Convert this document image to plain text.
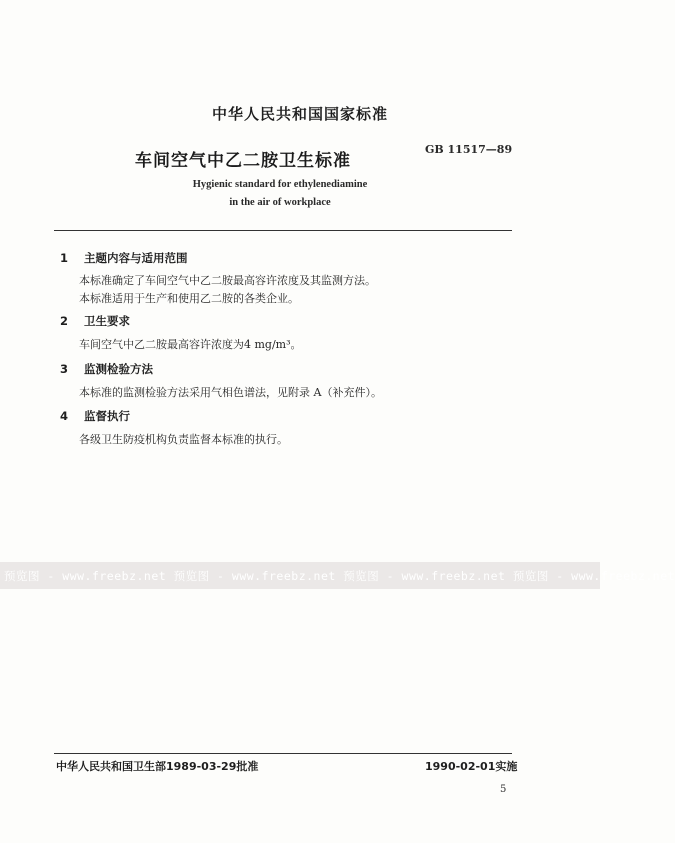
中华人民共和国国家标准
车间空气中乙二胺卫生标准
GB 11517—89
Hygienic standard for ethylenediamine
in the air of workplace
1 主题内容与适用范围
本标准确定了车间空气中乙二胺最高容许浓度及其监测方法。
本标准适用于生产和使用乙二胺的各类企业。
2 卫生要求
车间空气中乙二胺最高容许浓度为4 mg/m³。
3 监测检验方法
本标准的监测检验方法采用气相色谱法，见附录 A（补充件）。
4 监督执行
各级卫生防疫机构负责监督本标准的执行。
预览图 - www.freebz.net 预览图 - www.freebz.net 预览图 - www.freebz.net 预览图 - www.freebz.net
中华人民共和国卫生部1989-03-29批准	1990-02-01实施
5
